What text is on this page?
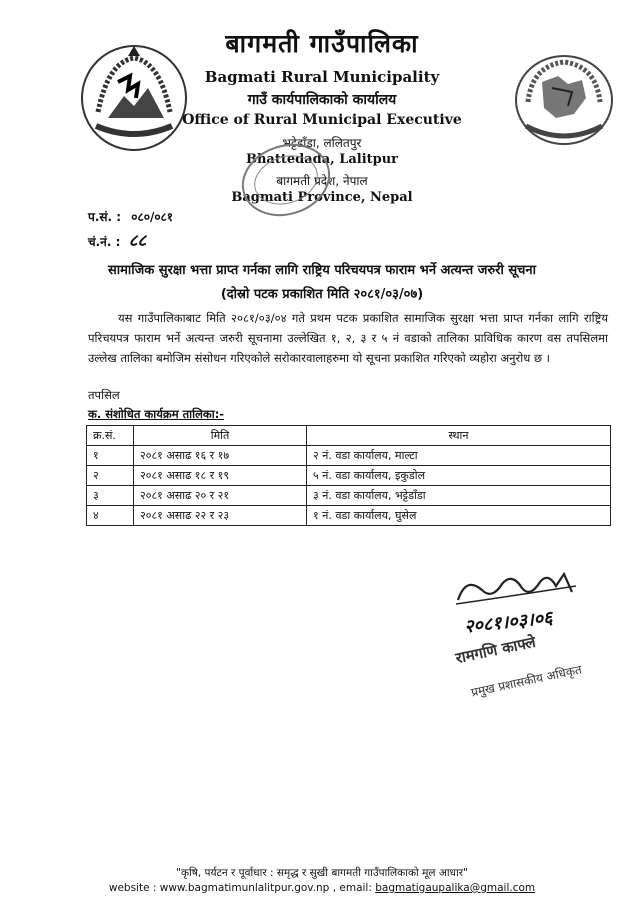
बागमती गाउँपालिका
Bagmati Rural Municipality
गाउँ कार्यपालिकाको कार्यालय
Office of Rural Municipal Executive
भट्टेडाँडा, ललितपुर
Bhattedada, Lalitpur
बागमती प्रदेश, नेपाल
Bagmati Province, Nepal
प.सं. : ०८०/०८१
चं.नं. : ८८
सामाजिक सुरक्षा भत्ता प्राप्त गर्नका लागि राष्ट्रिय परिचयपत्र फाराम भर्ने अत्यन्त जरुरी सूचना
(दोस्रो पटक प्रकाशित मिति २०८१/०३/०७)
यस गाउँपालिकाबाट मिति २०८१/०३/०४ गते प्रथम पटक प्रकाशित सामाजिक सुरक्षा भत्ता प्राप्त गर्नका लागि राष्ट्रिय परिचयपत्र फाराम भर्ने अत्यन्त जरुरी सूचनामा उल्लेखित १, २, ३ र ५ नं वडाको तालिका प्राविधिक कारण वस तपसिलमा उल्लेख तालिका बमोजिम संसोधन गरिएकोले सरोकारवालाहरुमा यो सूचना प्रकाशित गरिएको व्यहोरा अनुरोध छ ।
तपसिल
क. संशोधित कार्यक्रम तालिका:-
क्र.सं.	मिति	स्थान
१	२०८१ असाढ १६ र १७	२ नं. वडा कार्यालय, माल्टा
२	२०८१ असाढ १८ र १९	५ नं. वडा कार्यालय, इकुडोल
३	२०८१ असाढ २० र २१	३ नं. वडा कार्यालय, भट्टेडाँडा
४	२०८१ असाढ २२ र २३	१ नं. वडा कार्यालय, घुसेल
२०८१।०३।०६
रामगणि काफ्ले
प्रमुख प्रशासकीय अधिकृत
"कृषि, पर्यटन र पूर्वाधार : समृद्ध र सुखी बागमती गाउँपालिकाको मूल आधार"
website : www.bagmatimunlalitpur.gov.np , email: bagmatigaupalika@gmail.com
